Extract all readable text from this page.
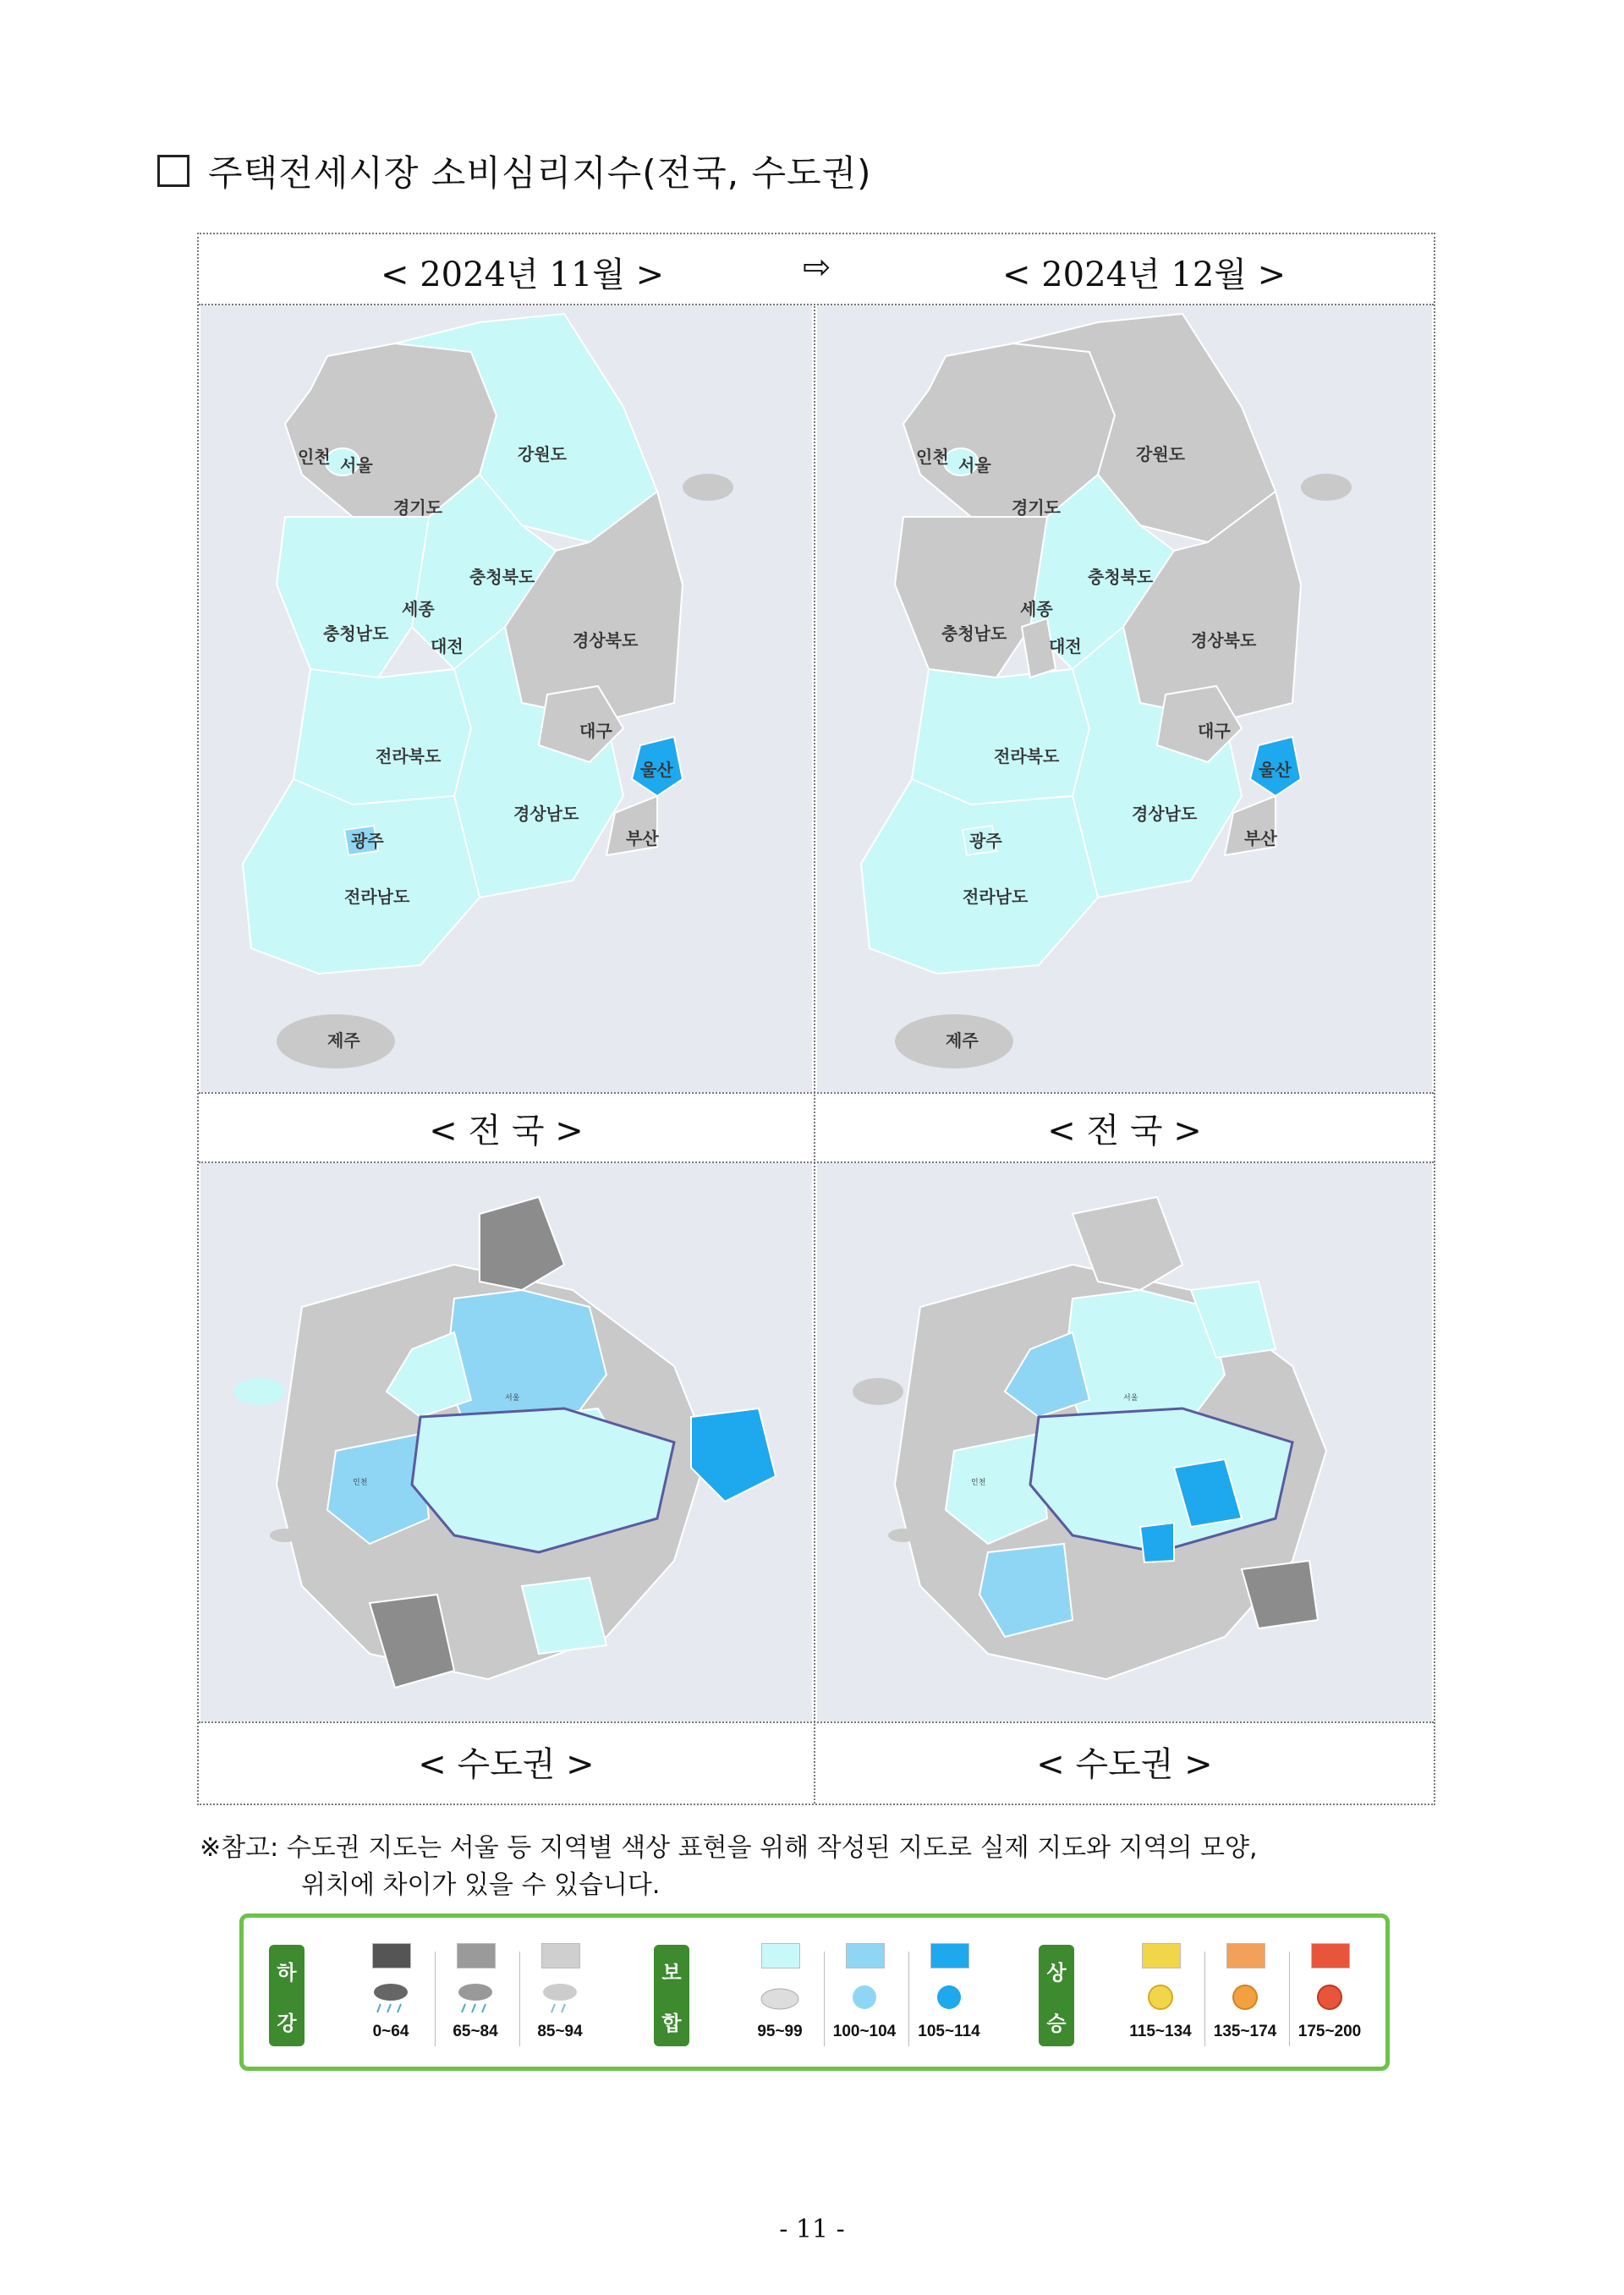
주택전세시장 소비심리지수(전국, 수도권)
< 2024년 11월 >	⇨	< 2024년 12월 >
인천 서울
경기도
강원도
충청북도
세종
충청남도
대전	경상북도
대구
전라북도
울산
경상남도
부산
광주
전라남도
제주
인천 서울
경기도
강원도
충청북도
세종
충청남도
대전	경상북도
대구
전라북도
울산
경상남도
부산
광주
전라남도
제주
< 전 국 >	< 전 국 >
서울
인천
서울
인천
< 수도권 >	< 수도권 >
※참고: 수도권 지도는 서울 등 지역별 색상 표현을 위해 작성된 지도로 실제 지도와 지역의 모양,
위치에 차이가 있을 수 있습니다.
하
강	0~64	65~84	85~94
보
합	95~99	100~104	105~114
상
승	115~134	135~174	175~200
- 11 -
